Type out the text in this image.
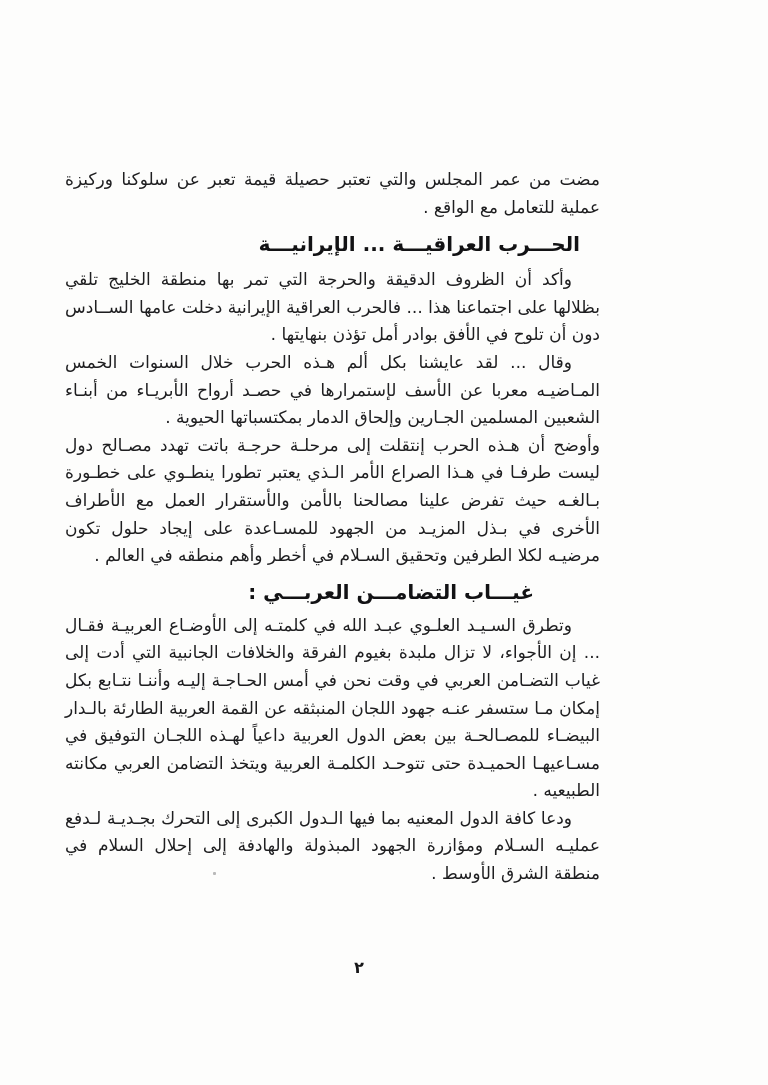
مضت من عمر المجلس والتي تعتبر حصيلة قيمة تعبر عن سلوكنا وركيزة عملية للتعامل مع الواقع .

الحـــرب العراقيـــة ... الإيرانيـــة

وأكد أن الظروف الدقيقة والحرجة التي تمر بها منطقة الخليج تلقي بظلالها على اجتماعنا هذا ... فالحرب العراقية الإيرانية دخلت عامها الســادس دون أن تلوح في الأفق بوادر أمل تؤذن بنهايتها .

وقال ... لقد عايشنا بكل ألم هـذه الحرب خلال السنوات الخمس المـاضيـه معربا عن الأسف لإستمرارها في حصـد أرواح الأبريـاء من أبنـاء الشعبين المسلمين الجـارين وإلحاق الدمار بمكتسباتها الحيوية .

وأوضح أن هـذه الحرب إنتقلت إلى مرحلـة حرجـة باتت تهدد مصـالح دول ليست طرفـا في هـذا الصراع الأمر الـذي يعتبر تطورا ينطـوي على خطـورة بـالغـه حيث تفرض علينا مصالحنا بالأمن والأستقرار العمل مع الأطراف الأخرى في بـذل المزيـد من الجهود للمسـاعدة على إيجاد حلول تكون مرضيـه لكلا الطرفين وتحقيق السـلام في أخطر وأهم منطقه في العالم .

غيـــاب التضامـــن العربـــي :

وتطرق السـيـد العلـوي عبـد الله في كلمتـه إلى الأوضـاع العربيـة فقـال ... إن الأجواء، لا تزال ملبدة بغيوم الفرقة والخلافات الجانبية التي أدت إلى غياب التضـامن العربي في وقت نحن في أمس الحـاجـة إليـه وأننـا نتـابع بكل إمكان مـا ستسفر عنـه جهود اللجان المنبثقه عن القمة العربية الطارئة بالـدار البيضـاء للمصـالحـة بين بعض الدول العربية داعياً لهـذه اللجـان التوفيق في مسـاعيهـا الحميـدة حتى تتوحـد الكلمـة العربية ويتخذ التضامن العربي مكانته الطبيعيه .

ودعا كافة الدول المعنيه بما فيها الـدول الكبرى إلى التحرك بجـديـة لـدفع عمليـه السـلام ومؤازرة الجهود المبذولة والهادفة إلى إحلال السلام في منطقة الشرق الأوسط .

٢
